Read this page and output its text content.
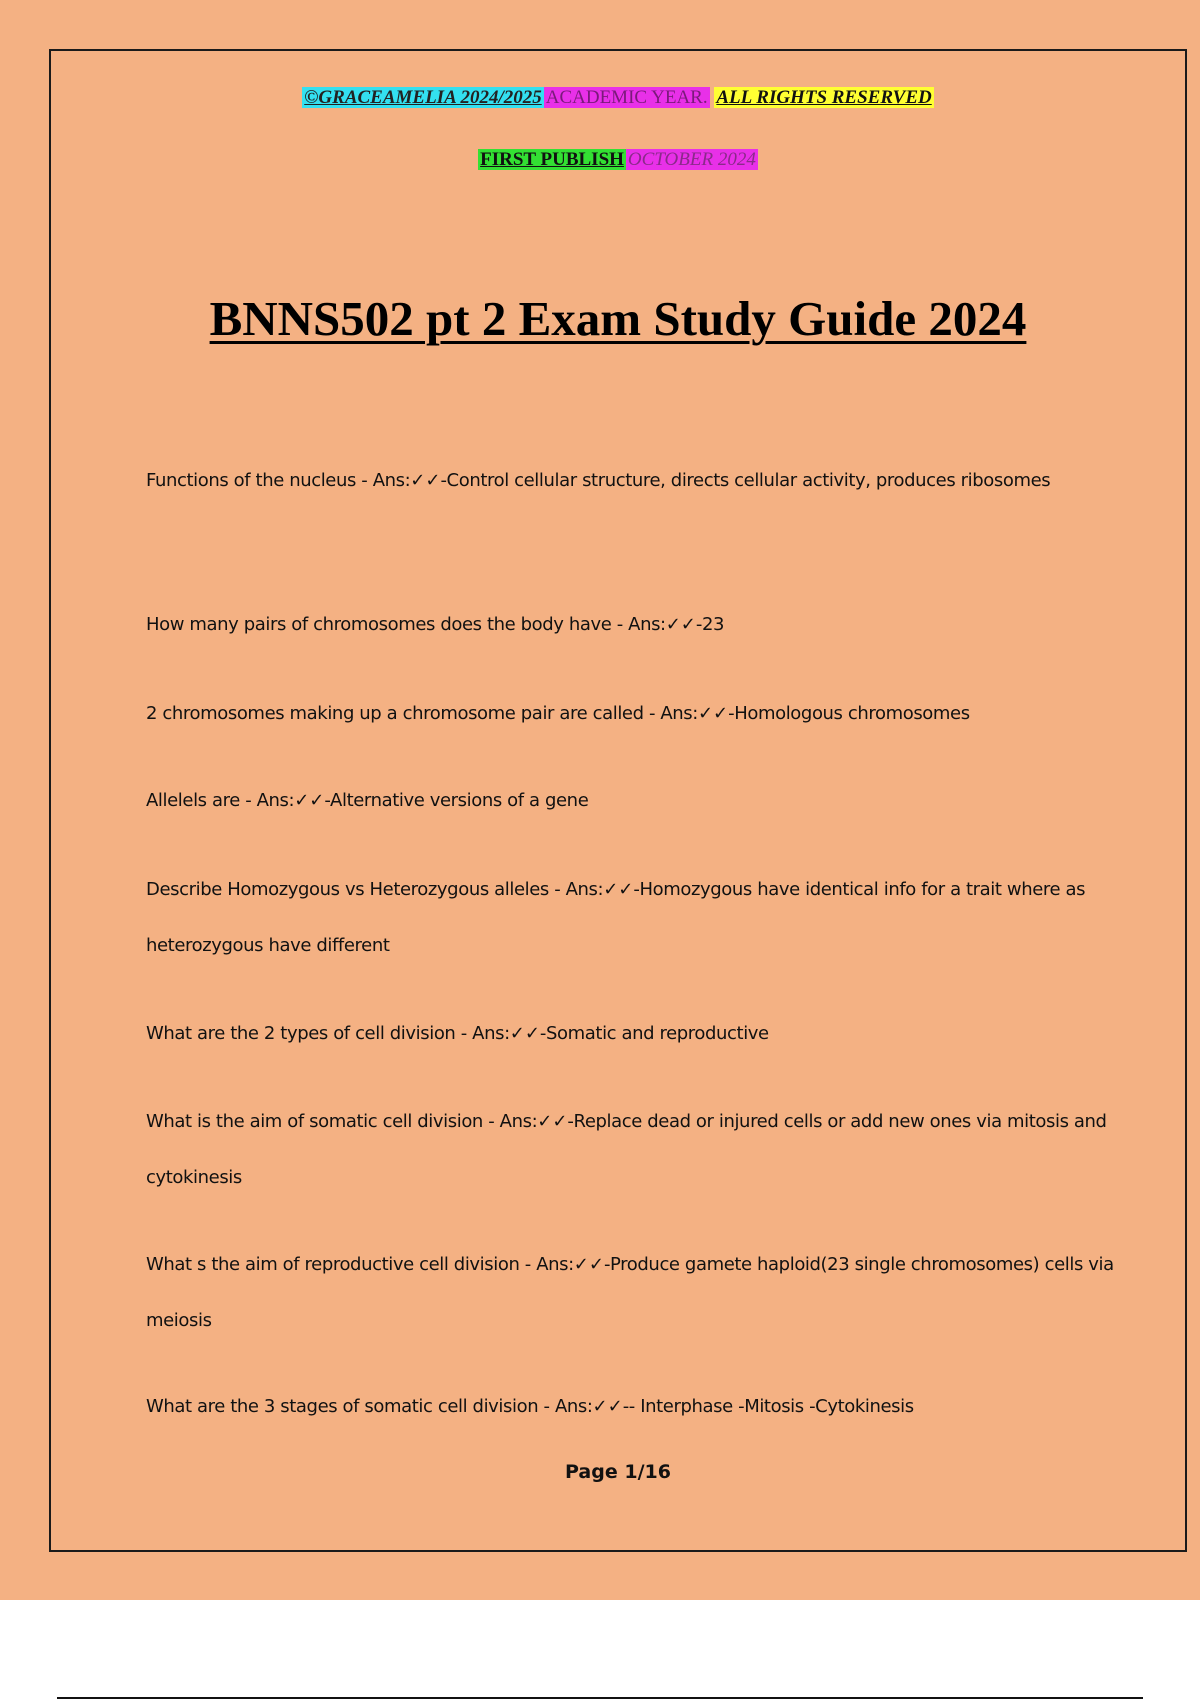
©GRACEAMELIA 2024/2025 ACADEMIC YEAR. ALL RIGHTS RESERVED
FIRST PUBLISH OCTOBER 2024
BNNS502 pt 2 Exam Study Guide 2024
Functions of the nucleus - Ans:✓✓-Control cellular structure, directs cellular activity, produces ribosomes
How many pairs of chromosomes does the body have - Ans:✓✓-23
2 chromosomes making up a chromosome pair are called - Ans:✓✓-Homologous chromosomes
Allelels are - Ans:✓✓-Alternative versions of a gene
Describe Homozygous vs Heterozygous alleles - Ans:✓✓-Homozygous have identical info for a trait where as heterozygous have different
What are the 2 types of cell division - Ans:✓✓-Somatic and reproductive
What is the aim of somatic cell division - Ans:✓✓-Replace dead or injured cells or add new ones via mitosis and cytokinesis
What s the aim of reproductive cell division - Ans:✓✓-Produce gamete haploid(23 single chromosomes) cells via meiosis
What are the 3 stages of somatic cell division - Ans:✓✓-- Interphase -Mitosis -Cytokinesis
Page 1/16
